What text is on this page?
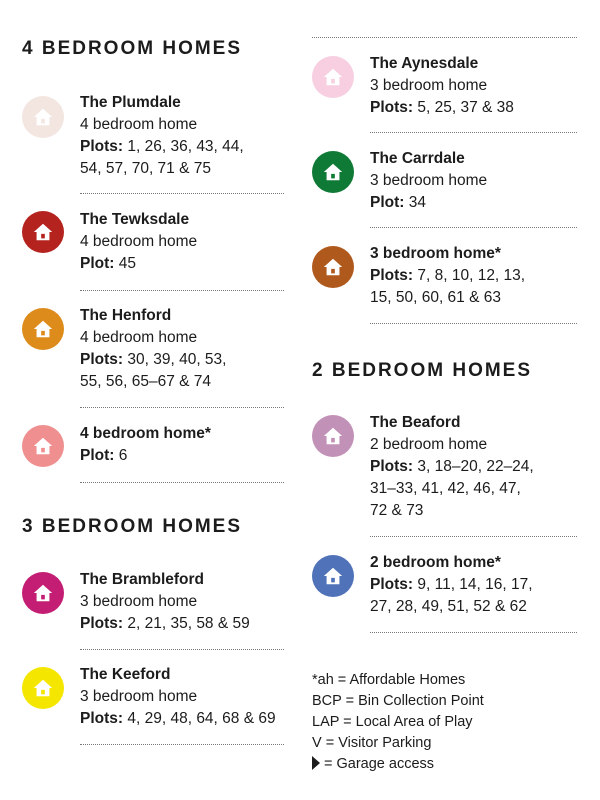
4 BEDROOM HOMES
The Plumdale
4 bedroom home
Plots: 1, 26, 36, 43, 44,
54, 57, 70, 71 & 75
The Tewksdale
4 bedroom home
Plot: 45
The Henford
4 bedroom home
Plots: 30, 39, 40, 53,
55, 56, 65–67 & 74
4 bedroom home*
Plot: 6
3 BEDROOM HOMES
The Brambleford
3 bedroom home
Plots: 2, 21, 35, 58 & 59
The Keeford
3 bedroom home
Plots: 4, 29, 48, 64, 68 & 69
The Aynesdale
3 bedroom home
Plots: 5, 25, 37 & 38
The Carrdale
3 bedroom home
Plot: 34
3 bedroom home*
Plots: 7, 8, 10, 12, 13,
15, 50, 60, 61 & 63
2 BEDROOM HOMES
The Beaford
2 bedroom home
Plots: 3, 18–20, 22–24,
31–33, 41, 42, 46, 47,
72 & 73
2 bedroom home*
Plots: 9, 11, 14, 16, 17,
27, 28, 49, 51, 52 & 62
*ah = Affordable Homes
BCP = Bin Collection Point
LAP = Local Area of Play
V = Visitor Parking
= Garage access
